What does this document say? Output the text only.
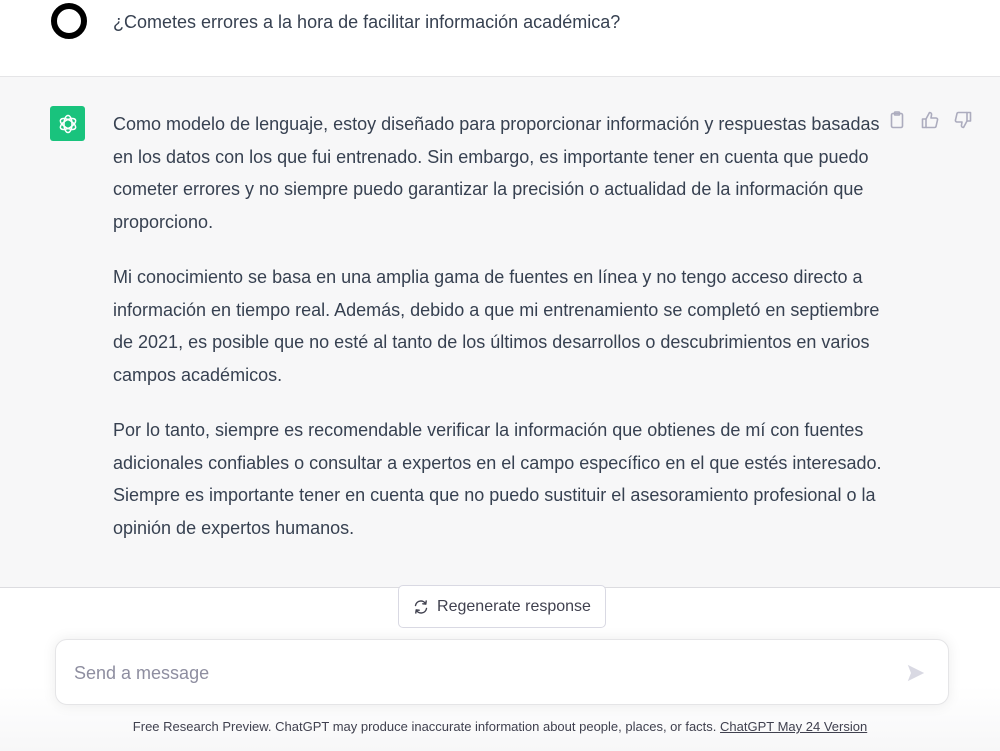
¿Cometes errores a la hora de facilitar información académica?

Como modelo de lenguaje, estoy diseñado para proporcionar información y respuestas basadas en los datos con los que fui entrenado. Sin embargo, es importante tener en cuenta que puedo cometer errores y no siempre puedo garantizar la precisión o actualidad de la información que proporciono.

Mi conocimiento se basa en una amplia gama de fuentes en línea y no tengo acceso directo a información en tiempo real. Además, debido a que mi entrenamiento se completó en septiembre de 2021, es posible que no esté al tanto de los últimos desarrollos o descubrimientos en varios campos académicos.

Por lo tanto, siempre es recomendable verificar la información que obtienes de mí con fuentes adicionales confiables o consultar a expertos en el campo específico en el que estés interesado. Siempre es importante tener en cuenta que no puedo sustituir el asesoramiento profesional o la opinión de expertos humanos.

Regenerate response
Send a message
Free Research Preview. ChatGPT may produce inaccurate information about people, places, or facts. ChatGPT May 24 Version
